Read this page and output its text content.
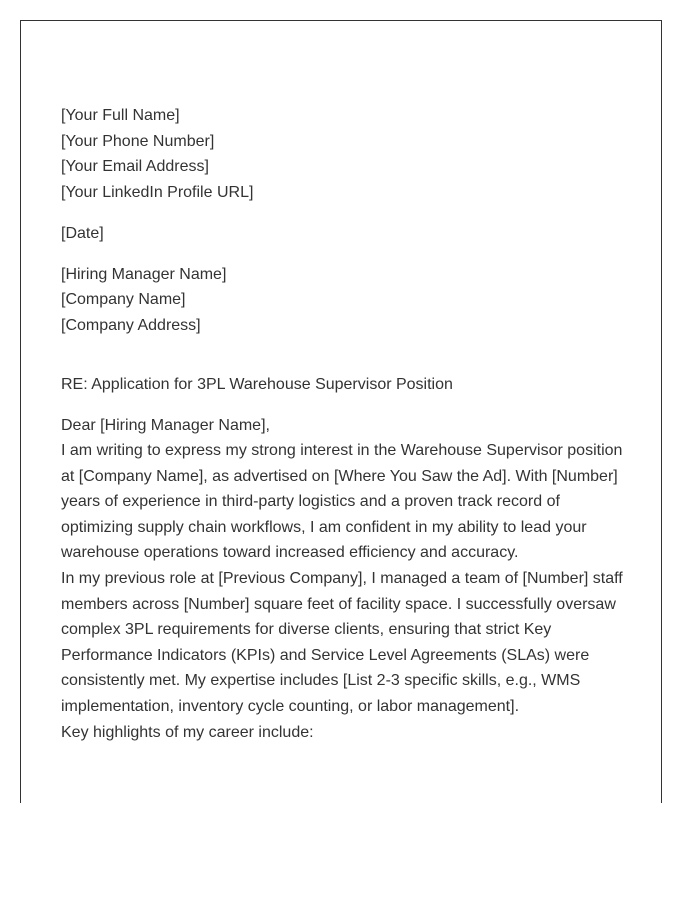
[Your Full Name]
[Your Phone Number]
[Your Email Address]
[Your LinkedIn Profile URL]
[Date]
[Hiring Manager Name]
[Company Name]
[Company Address]
RE: Application for 3PL Warehouse Supervisor Position
Dear [Hiring Manager Name],

I am writing to express my strong interest in the Warehouse Supervisor position at [Company Name], as advertised on [Where You Saw the Ad]. With [Number] years of experience in third-party logistics and a proven track record of optimizing supply chain workflows, I am confident in my ability to lead your warehouse operations toward increased efficiency and accuracy.

In my previous role at [Previous Company], I managed a team of [Number] staff members across [Number] square feet of facility space. I successfully oversaw complex 3PL requirements for diverse clients, ensuring that strict Key Performance Indicators (KPIs) and Service Level Agreements (SLAs) were consistently met. My expertise includes [List 2-3 specific skills, e.g., WMS implementation, inventory cycle counting, or labor management].

Key highlights of my career include:
